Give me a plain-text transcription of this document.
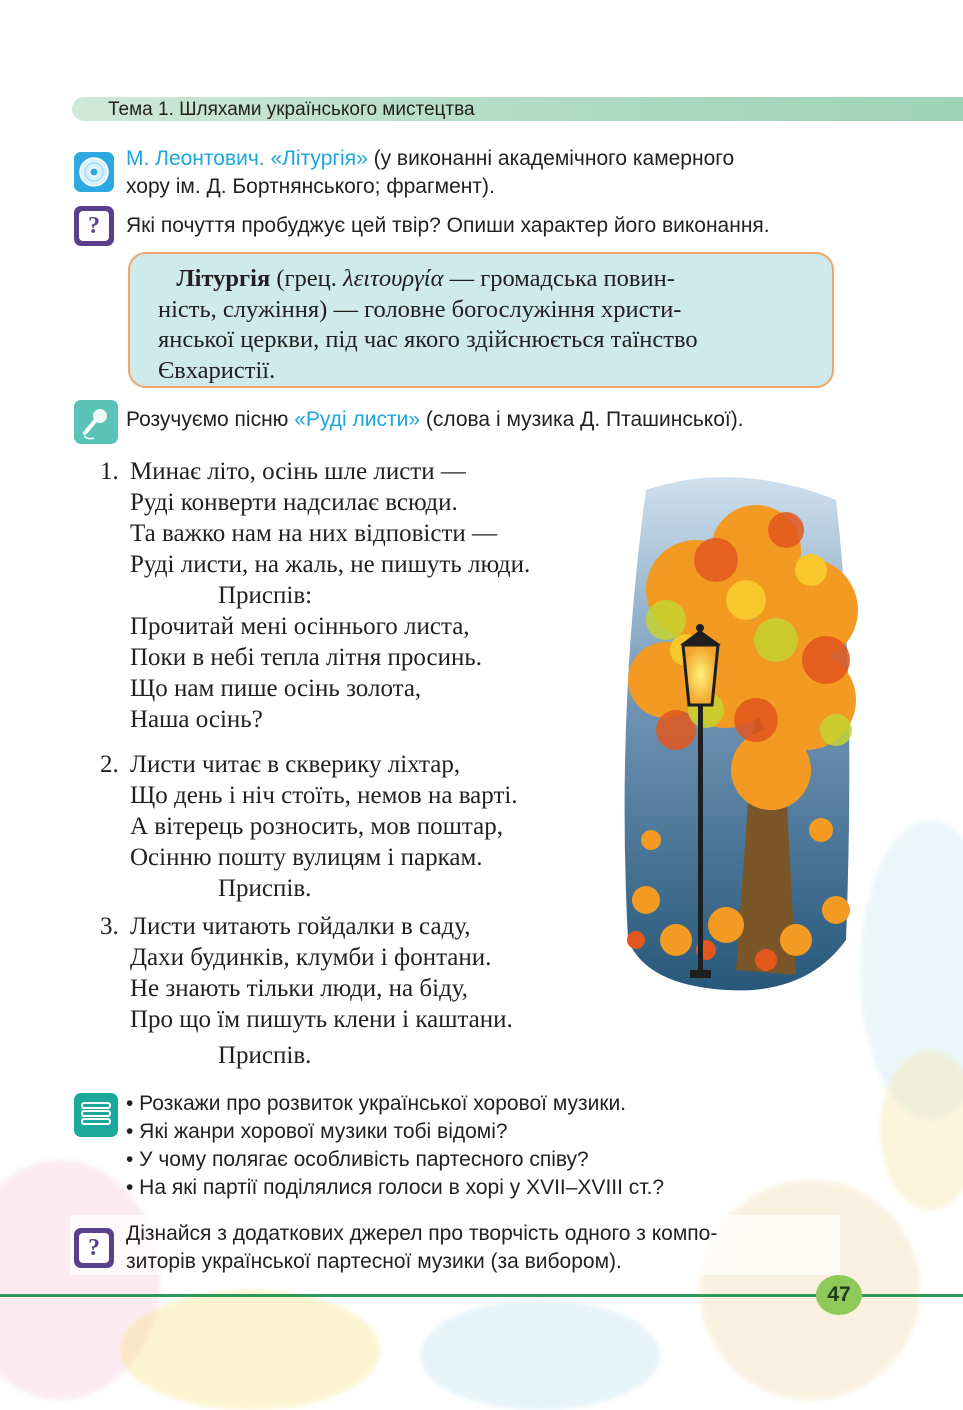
Тема 1. Шляхами українського мистецтва
М. Леонтович. «Літургія» (у виконанні академічного камерного
хору ім. Д. Бортнянського; фрагмент).
?	Які почуття пробуджує цей твір? Опиши характер його виконання.
Літургія (грец. λειτουργία — громадська повин-
ність, служіння) — головне богослужіння христи-
янської церкви, під час якого здійснюється таїнство
Євхаристії.
Розучуємо пісню «Руді листи» (слова і музика Д. Пташинської).
1. Минає літо, осінь шле листи —
Руді конверти надсилає всюди.
Та важко нам на них відповісти —
Руді листи, на жаль, не пишуть люди.
Приспів:
Прочитай мені осіннього листа,
Поки в небі тепла літня просинь.
Що нам пише осінь золота,
Наша осінь?
2. Листи читає в скверику ліхтар,
Що день і ніч стоїть, немов на варті.
А вітерець розносить, мов поштар,
Осінню пошту вулицям і паркам.
Приспів.
3. Листи читають гойдалки в саду,
Дахи будинків, клумби і фонтани.
Не знають тільки люди, на біду,
Про що їм пишуть клени і каштани.
Приспів.
• Розкажи про розвиток української хорової музики.
• Які жанри хорової музики тобі відомі?
• У чому полягає особливість партесного співу?
• На які партії поділялися голоси в хорі у XVII–XVIII ст.?
?
Дізнайся з додаткових джерел про творчість одного з компо-
зиторів української партесної музики (за вибором).
47
